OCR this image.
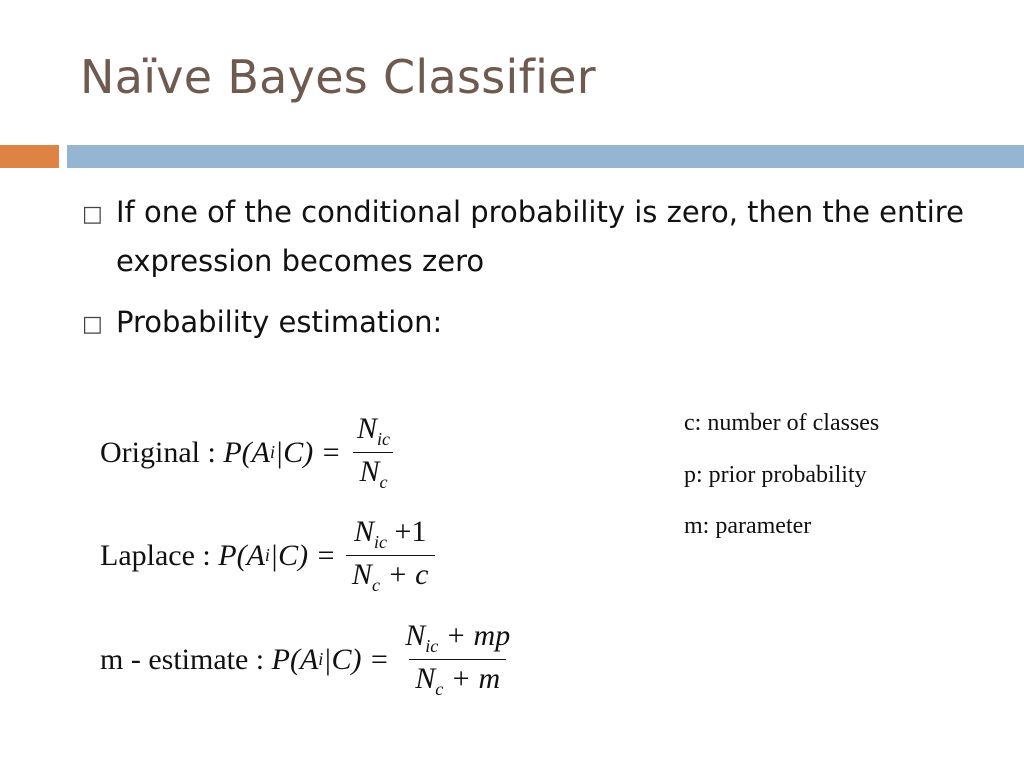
Naïve Bayes Classifier
□ If one of the conditional probability is zero, then the entire expression becomes zero
□ Probability estimation:
c: number of classes
p: prior probability
m: parameter
Original :
P(A i $|C) = \frac{N_{ic}}{N_c}$
Laplace :
P(A i $|C) = \frac{N_{ic} +1}{N_c + c}$
m - estimate :
P(A i $|C) = \frac{N_{ic} + mp}{N_c + m}$
